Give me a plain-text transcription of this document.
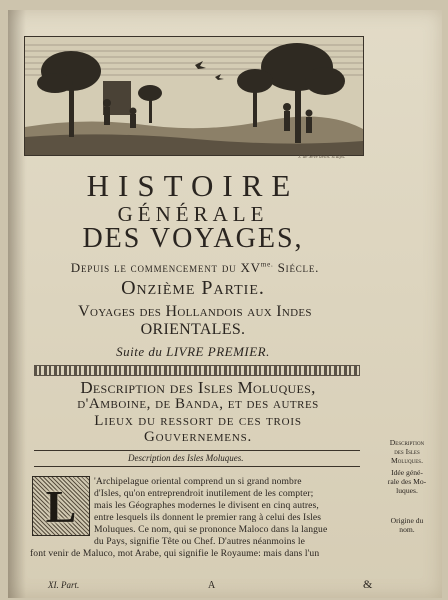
J. de Sève delin. sculps.
HISTOIRE
GÉNÉRALE
DES VOYAGES,
Depuis le commencement du $XV^{me.}$ Siécle.
Onzième Partie.
Voyages des Hollandois aux Indes
ORIENTALES.
Suite du LIVRE PREMIER.
Description des Isles Moluques,
d'Amboine, de Banda, et des autres
Lieux du ressort de ces trois
Gouvernemens.
Description des Isles Moluques.
L	'Archipelague oriental comprend un si grand nombre
d'Isles, qu'on entreprendroit inutilement de les compter;
mais les Géographes modernes le divisent en cinq autres,
entre lesquels ils donnent le premier rang à celui des Isles
Moluques. Ce nom, qui se prononce Maloco dans la langue
du Pays, signifie Tête ou Chef. D'autres néanmoins le
font venir de Maluco, mot Arabe, qui signifie le Royaume: mais dans l'un
Description
des Isles
Moluques.
Idée géné-
rale des Mo-
luques.
Origine du
nom.
XI. Part.	A	&
